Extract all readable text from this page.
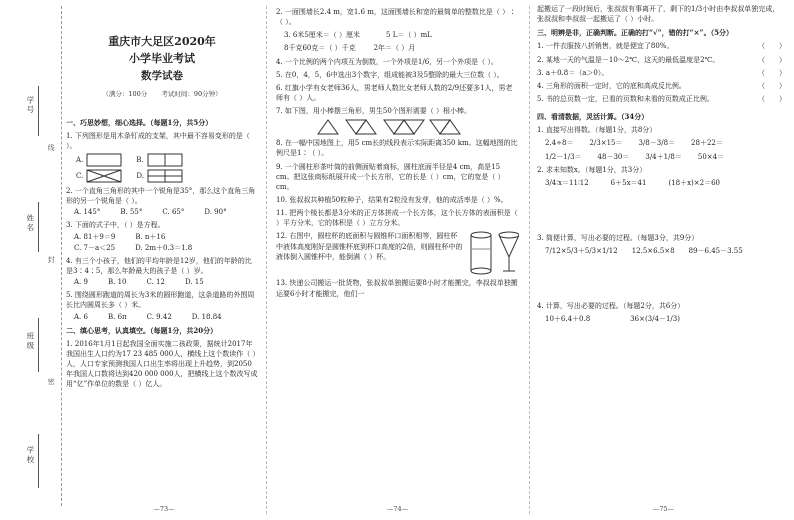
学号
线
姓名
封
班级
密
学校
重庆市大足区2020年
小学毕业考试
数学试卷
（满分：100分 考试时间：90分钟）
一、巧思妙想，细心选择。（每题1分，共5分）
1. 下列图形是用木条钉成的支架，其中最不容易变形的是（ ）。
A.	B.
C.	D.
2. 一个直角三角形的其中一个锐角是35°，那么这个直角三角形的另一个锐角是（ ）。
A. 145°	B. 55°	C. 65°	D. 90°
3. 下面的式子中，（ ）是方程。
A. 81＋9＝9	B. n＋16
C. 7－a＜25	D. 2m＋0.3＝1.8
4. 有三个小孩子，他们的平均年龄是12岁，他们的年龄的比是3∶4∶5，那么年龄最大的孩子是（ ）岁。
A. 9	B. 10	C. 12	D. 15
5. 围绕圆形跑道的周长为3米的圆形跑道，这条道路的外围周长比内圆周长多（ ）米。
A. 6	B. 6π	C. 9.42	D. 18.84
二、缜心思考，认真填空。（每题1分，共20分）
1. 2016年1月1日起我国全面实施二孩政策，据统计2017年我国出生人口约为17 23 485 000人，横线上这个数读作（ ）人，人口专家预测我国人口出生率将出现上升趋势，到2050年我国人口数将达到420 000 000人，把横线上这个数改写成用“亿”作单位的数是（ ）亿人。
—73—
2. 一面围墙长2.4 m，宽1.6 m，这面围墙长和宽的最简单的整数比是（ ）∶（ ）。
3. 6米5厘米＝（ ）厘米	5 L＝（ ）mL
8千克60克＝（ ）千克	2年＝（ ）月
4. 一个比例的两个内项互为倒数，一个外项是1/6，另一个外项是（ ）。
5. 在0，4，5，6中选出3个数字，组成能被3及5整除的最大三位数（ ）。
6. 红旗小学有女老师36人，男老师人数比女老师人数的2/9还要多1人，男老师有（ ）人。
7. 如下图，用小棒摆三角形，男生50个图形需要（ ）根小棒。
8. 在一幅中国地图上，用5 cm长的线段表示实际距离350 km。这幅地图的比例尺是1∶（ ）。
9. 一个圆柱形茶叶筒的前侧面贴着商标，圆柱底面半径是4 cm，高是15 cm。把这张商标纸展开成一个长方形，它的长是（ ）cm，它的宽是（ ）cm。
10. 张叔叔共种植50粒种子，结果有2粒没有发芽，他的成活率是（ ）%。
11. 把两个棱长都是3分米的正方体拼成一个长方体，这个长方体的表面积是（ ）平方分米，它的体积是（ ）立方分米。
12. 右图中，圆柱杯的底面积与圆锥杯口面积相等，圆柱杯中液体高度刚好是圆锥杯底到杯口高度的2倍，则圆柱杯中的液体倒入圆锥杯中，能倒满（ ）杯。
13. 快递公司搬运一批货物，张叔叔单独搬运要8小时才能搬完，李叔叔单独搬运要6小时才能搬完，他们一
—74—
起搬运了一段时间后，张叔叔有事离开了，剩下的1/3小时由李叔叔单独完成，张叔叔和李叔叔一起搬运了（ ）小时。
三、明辨是非，正确判断。正确的打“√”，错的打“×”。（5分）
1. 一件衣服按八折销售，就是便宜了80%。	（　　）
2. 某地一天的气温是－10～2℃，这天的最低温度是2℃。	（　　）
3. a＋0.8＝（a＞0）。	（　　）
4. 三角形的面积一定时，它的底和高成反比例。	（　　）
5. 书的总页数一定，已看的页数和未看的页数成正比例。	（　　）
四、看清数据，灵活计算。（34分）
1. 直接写出得数。（每题1分，共8分）
2.4÷8＝ 2/3×15＝ 3/8－3/8＝ 28＋22＝
1/2－1/3＝ 48－30＝ 3/4＋1/8＝ 50×4＝
2. 求未知数x。（每题1分，共3分）
3/4∶x＝11∶12	6＋5x＝41	(18＋x)×2＝60
3. 简便计算，写出必要的过程。（每题3分，共9分）
7/12×5/3＋5/3×1/12 12.5×6.5×8 89－6.45－3.55
4. 计算，写出必要的过程。（每题2分，共6分）
10＋6.4＋0.8	36×(3/4－1/3)
—75—
